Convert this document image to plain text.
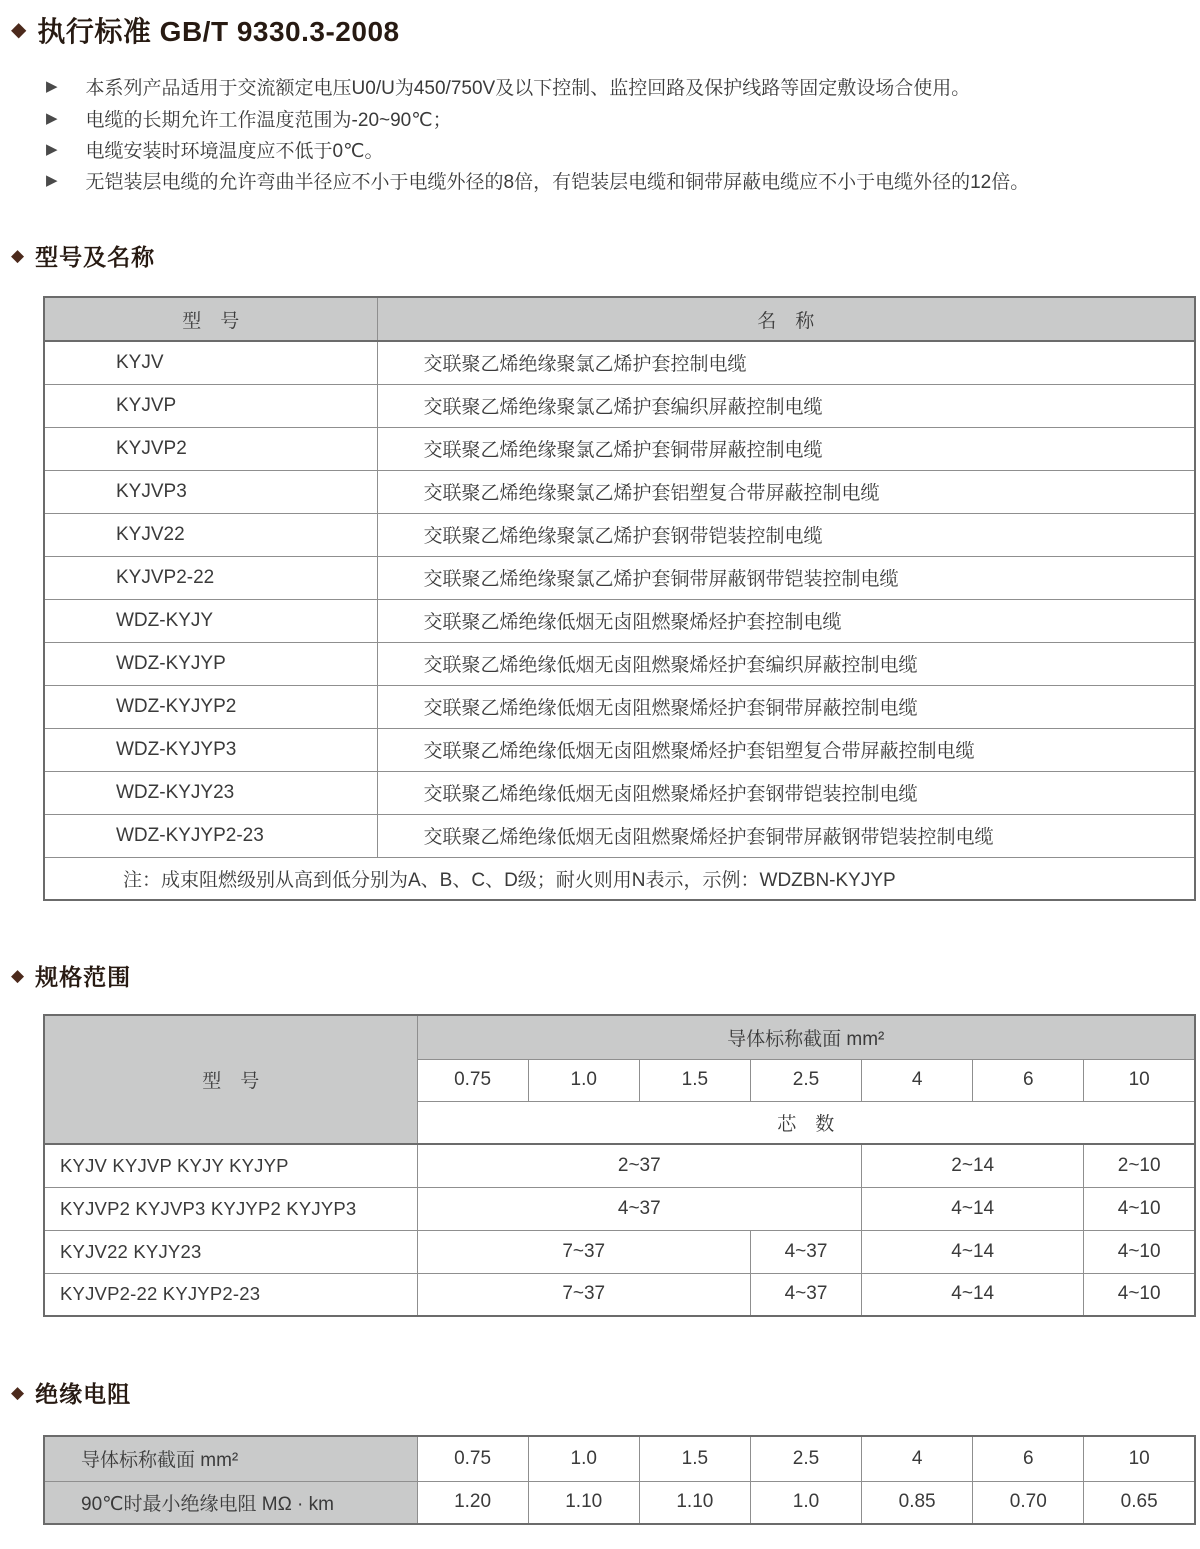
◆ 执行标准 GB/T 9330.3-2008
▶ 本系列产品适用于交流额定电压U0/U为450/750V及以下控制、监控回路及保护线路等固定敷设场合使用。
▶ 电缆的长期允许工作温度范围为-20~90℃；
▶ 电缆安装时环境温度应不低于0℃。
▶ 无铠装层电缆的允许弯曲半径应不小于电缆外径的8倍，有铠装层电缆和铜带屏蔽电缆应不小于电缆外径的12倍。
◆ 型号及名称
型　号	名　称
KYJV	交联聚乙烯绝缘聚氯乙烯护套控制电缆
KYJVP	交联聚乙烯绝缘聚氯乙烯护套编织屏蔽控制电缆
KYJVP2	交联聚乙烯绝缘聚氯乙烯护套铜带屏蔽控制电缆
KYJVP3	交联聚乙烯绝缘聚氯乙烯护套铝塑复合带屏蔽控制电缆
KYJV22	交联聚乙烯绝缘聚氯乙烯护套钢带铠装控制电缆
KYJVP2-22	交联聚乙烯绝缘聚氯乙烯护套铜带屏蔽钢带铠装控制电缆
WDZ-KYJY	交联聚乙烯绝缘低烟无卤阻燃聚烯烃护套控制电缆
WDZ-KYJYP	交联聚乙烯绝缘低烟无卤阻燃聚烯烃护套编织屏蔽控制电缆
WDZ-KYJYP2	交联聚乙烯绝缘低烟无卤阻燃聚烯烃护套铜带屏蔽控制电缆
WDZ-KYJYP3	交联聚乙烯绝缘低烟无卤阻燃聚烯烃护套铝塑复合带屏蔽控制电缆
WDZ-KYJY23	交联聚乙烯绝缘低烟无卤阻燃聚烯烃护套钢带铠装控制电缆
WDZ-KYJYP2-23	交联聚乙烯绝缘低烟无卤阻燃聚烯烃护套铜带屏蔽钢带铠装控制电缆
注：成束阻燃级别从高到低分别为A、B、C、D级；耐火则用N表示，示例：WDZBN-KYJYP	
◆ 规格范围
型　号	导体标称截面 mm²						
	0.75	1.0	1.5	2.5	4	6	10
	芯　数						
KYJV KYJVP KYJY KYJYP	2~37				2~14		2~10
KYJVP2 KYJVP3 KYJYP2 KYJYP3	4~37				4~14		4~10
KYJV22 KYJY23	7~37			4~37	4~14		4~10
KYJVP2-22 KYJYP2-23	7~37			4~37	4~14		4~10
◆ 绝缘电阻
导体标称截面 mm²	0.75	1.0	1.5	2.5	4	6	10
90℃时最小绝缘电阻 MΩ · km	1.20	1.10	1.10	1.0	0.85	0.70	0.65
